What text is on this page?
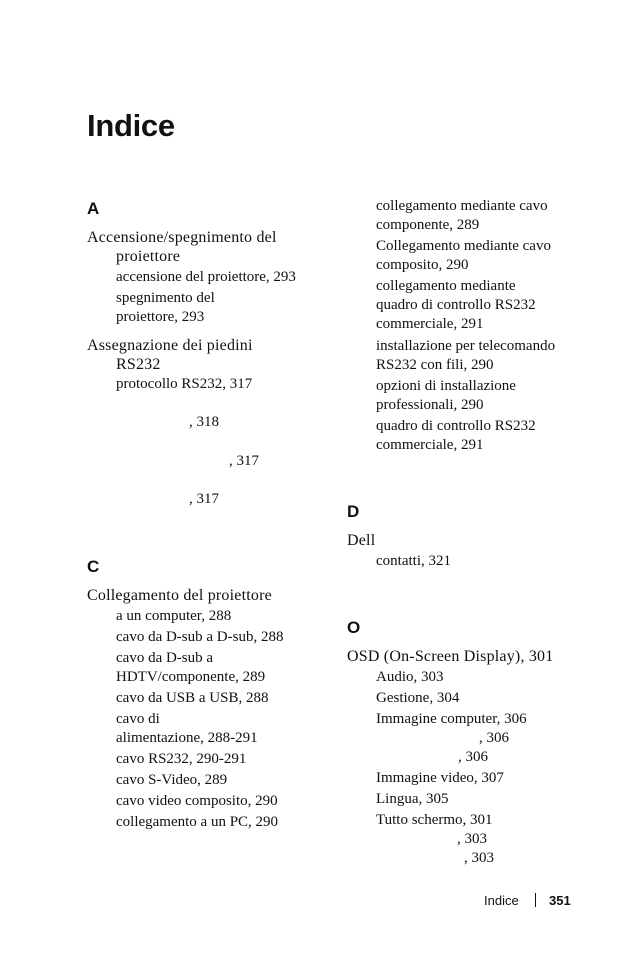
Indice
A
Accensione/spegnimento del
proiettore
accensione del proiettore, 293
spegnimento del
proiettore, 293
Assegnazione dei piedini
RS232
protocollo RS232, 317
, 318
, 317
, 317
C
Collegamento del proiettore
a un computer, 288
cavo da D-sub a D-sub, 288
cavo da D-sub a
HDTV/componente, 289
cavo da USB a USB, 288
cavo di
alimentazione, 288-291
cavo RS232, 290-291
cavo S-Video, 289
cavo video composito, 290
collegamento a un PC, 290
collegamento mediante cavo
componente, 289
Collegamento mediante cavo
composito, 290
collegamento mediante
quadro di controllo RS232
commerciale, 291
installazione per telecomando
RS232 con fili, 290
opzioni di installazione
professionali, 290
quadro di controllo RS232
commerciale, 291
D
Dell
contatti, 321
O
OSD (On-Screen Display), 301
Audio, 303
Gestione, 304
Immagine computer, 306
, 306
, 306
Immagine video, 307
Lingua, 305
Tutto schermo, 301
, 303
, 303
Indice 351
